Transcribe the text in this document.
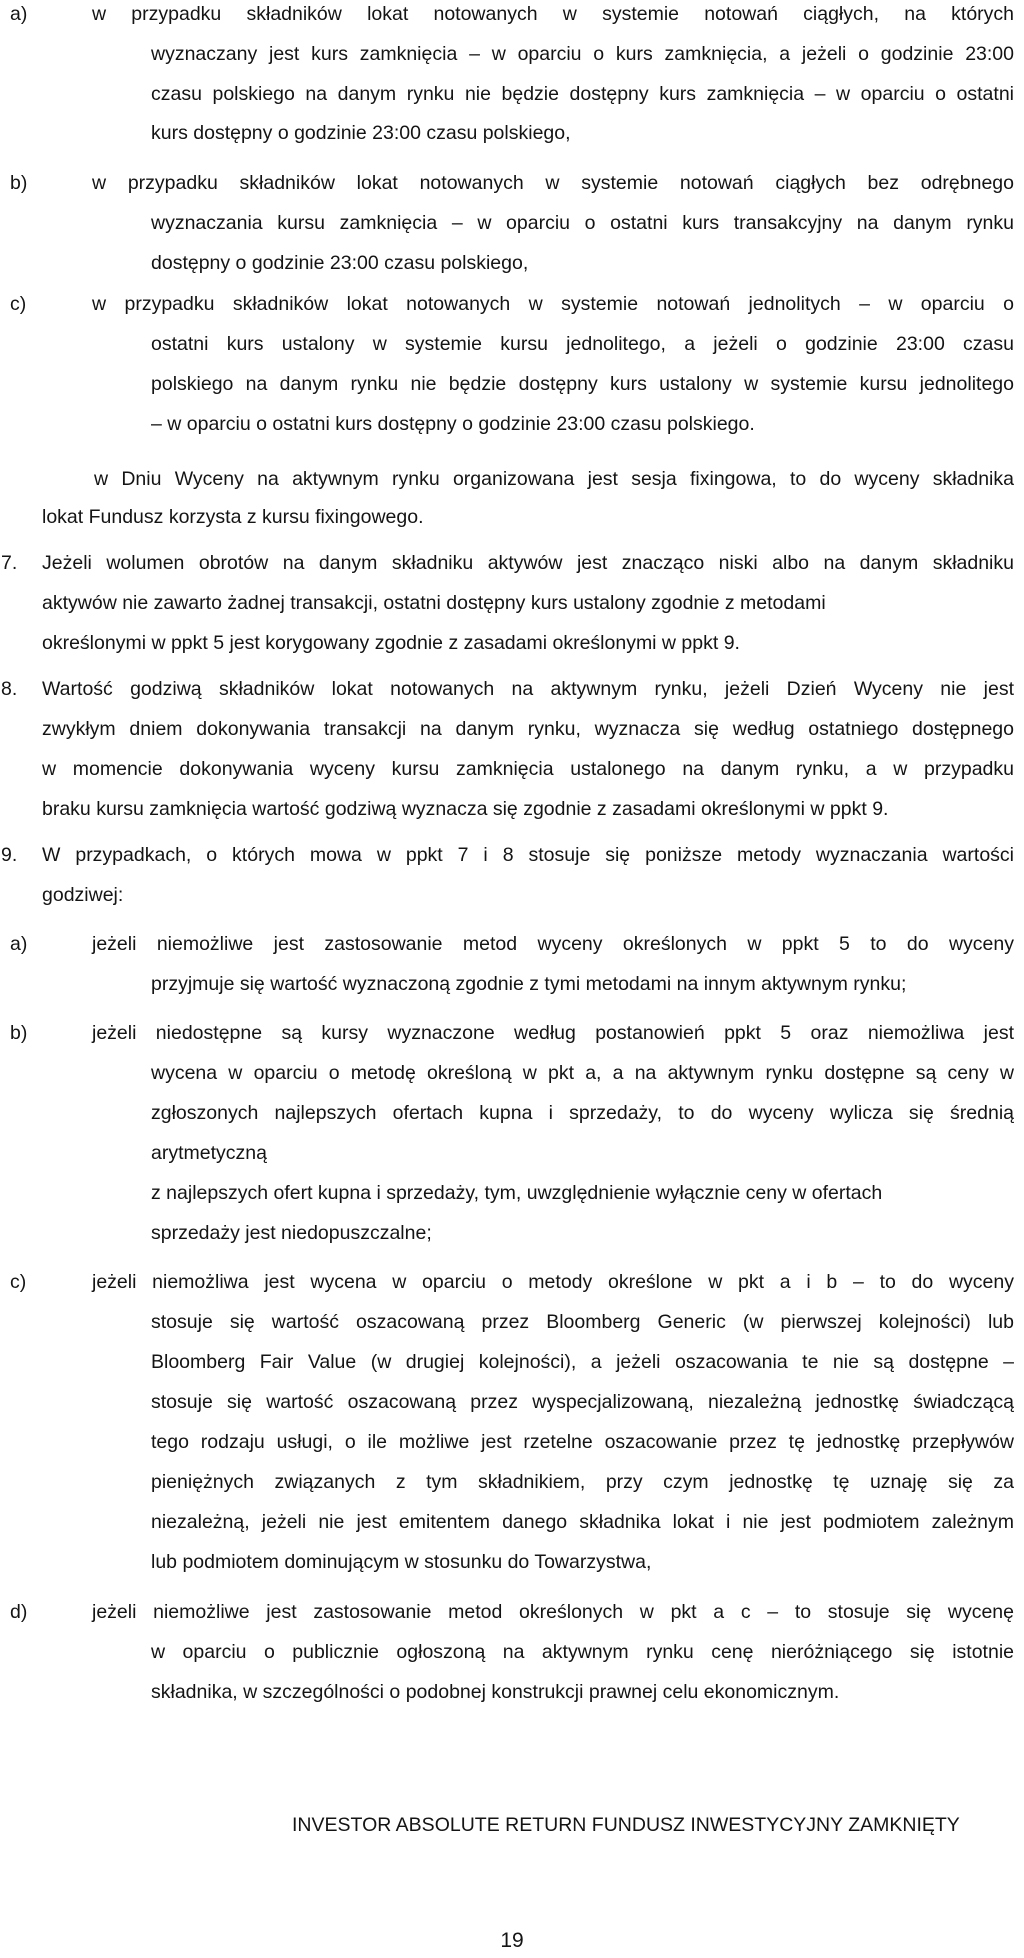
a)	w przypadku składników lokat notowanych w systemie notowań ciągłych, na których
wyznaczany jest kurs zamknięcia – w oparciu o kurs zamknięcia, a jeżeli o godzinie 23:00
czasu polskiego na danym rynku nie będzie dostępny kurs zamknięcia – w oparciu o ostatni
kurs dostępny o godzinie 23:00 czasu polskiego,
b)	w przypadku składników lokat notowanych w systemie notowań ciągłych bez odrębnego
wyznaczania kursu zamknięcia – w oparciu o ostatni kurs transakcyjny na danym rynku
dostępny o godzinie 23:00 czasu polskiego,
c)	w przypadku składników lokat notowanych w systemie notowań jednolitych – w oparciu o
ostatni kurs ustalony w systemie kursu jednolitego, a jeżeli o godzinie 23:00 czasu
polskiego na danym rynku nie będzie dostępny kurs ustalony w systemie kursu jednolitego
– w oparciu o ostatni kurs dostępny o godzinie 23:00 czasu polskiego.
w Dniu Wyceny na aktywnym rynku organizowana jest sesja fixingowa, to do wyceny składnika
lokat Fundusz korzysta z kursu fixingowego.
7. Jeżeli wolumen obrotów na danym składniku aktywów jest znacząco niski albo na danym składniku
aktywów nie zawarto żadnej transakcji, ostatni dostępny kurs ustalony zgodnie z metodami
określonymi w ppkt 5 jest korygowany zgodnie z zasadami określonymi w ppkt 9.
8. Wartość godziwą składników lokat notowanych na aktywnym rynku, jeżeli Dzień Wyceny nie jest
zwykłym dniem dokonywania transakcji na danym rynku, wyznacza się według ostatniego dostępnego
w momencie dokonywania wyceny kursu zamknięcia ustalonego na danym rynku, a w przypadku
braku kursu zamknięcia wartość godziwą wyznacza się zgodnie z zasadami określonymi w ppkt 9.
9. W przypadkach, o których mowa w ppkt 7 i 8 stosuje się poniższe metody wyznaczania wartości
godziwej:
a)	jeżeli niemożliwe jest zastosowanie metod wyceny określonych w ppkt 5 to do wyceny
przyjmuje się wartość wyznaczoną zgodnie z tymi metodami na innym aktywnym rynku;
b)	jeżeli niedostępne są kursy wyznaczone według postanowień ppkt 5 oraz niemożliwa jest
wycena w oparciu o metodę określoną w pkt a, a na aktywnym rynku dostępne są ceny w
zgłoszonych najlepszych ofertach kupna i sprzedaży, to do wyceny wylicza się średnią
arytmetyczną
z najlepszych ofert kupna i sprzedaży, tym, uwzględnienie wyłącznie ceny w ofertach
sprzedaży jest niedopuszczalne;
c)	jeżeli niemożliwa jest wycena w oparciu o metody określone w pkt a i b – to do wyceny
stosuje się wartość oszacowaną przez Bloomberg Generic (w pierwszej kolejności) lub
Bloomberg Fair Value (w drugiej kolejności), a jeżeli oszacowania te nie są dostępne –
stosuje się wartość oszacowaną przez wyspecjalizowaną, niezależną jednostkę świadczącą
tego rodzaju usługi, o ile możliwe jest rzetelne oszacowanie przez tę jednostkę przepływów
pieniężnych związanych z tym składnikiem, przy czym jednostkę tę uznaję się za
niezależną, jeżeli nie jest emitentem danego składnika lokat i nie jest podmiotem zależnym
lub podmiotem dominującym w stosunku do Towarzystwa,
d)	jeżeli niemożliwe jest zastosowanie metod określonych w pkt a c – to stosuje się wycenę
w oparciu o publicznie ogłoszoną na aktywnym rynku cenę nieróżniącego się istotnie
składnika, w szczególności o podobnej konstrukcji prawnej celu ekonomicznym.
INVESTOR ABSOLUTE RETURN FUNDUSZ INWESTYCYJNY ZAMKNIĘTY
19
